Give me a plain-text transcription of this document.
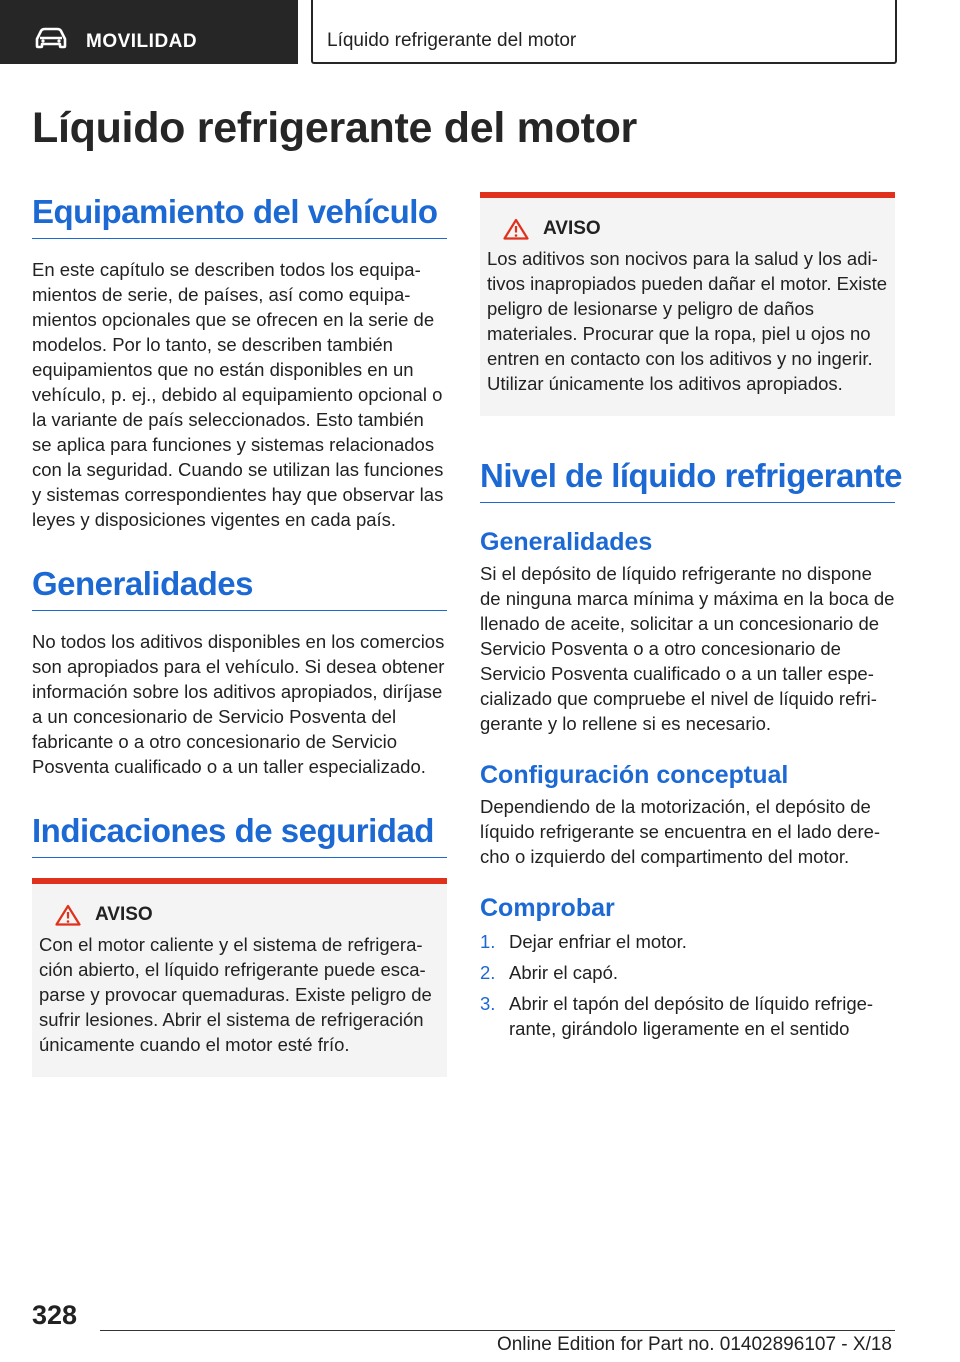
MOVILIDAD	Líquido refrigerante del motor
Líquido refrigerante del motor
Equipamiento del vehículo

En este capítulo se describen todos los equipamientos de serie, de países, así como equipamientos opcionales que se ofrecen en la serie de modelos. Por lo tanto, se describen también equipamientos que no están disponibles en un vehículo, p. ej., debido al equipamiento opcional o la variante de país seleccionados. Esto también se aplica para funciones y sistemas relacionados con la seguridad. Cuando se utilizan las funciones y sistemas correspondientes hay que observar las leyes y disposiciones vigentes en cada país.

Generalidades

No todos los aditivos disponibles en los comercios son apropiados para el vehículo. Si desea obtener información sobre los aditivos apropiados, diríjase a un concesionario de Servicio Posventa del fabricante o a otro concesionario de Servicio Posventa cualificado o a un taller especializado.

Indicaciones de seguridad
AVISO

Con el motor caliente y el sistema de refrigeración abierto, el líquido refrigerante puede escaparse y provocar quemaduras. Existe peligro de sufrir lesiones. Abrir el sistema de refrigeración únicamente cuando el motor esté frío.

AVISO

Los aditivos son nocivos para la salud y los aditivos inapropiados pueden dañar el motor. Existe peligro de lesionarse y peligro de daños materiales. Procurar que la ropa, piel u ojos no entren en contacto con los aditivos y no ingerir. Utilizar únicamente los aditivos apropiados.

Nivel de líquido refrigerante
Generalidades

Si el depósito de líquido refrigerante no dispone de ninguna marca mínima y máxima en la boca de llenado de aceite, solicitar a un concesionario de Servicio Posventa o a otro concesionario de Servicio Posventa cualificado o a un taller especializado que compruebe el nivel de líquido refrigerante y lo rellene si es necesario.

Configuración conceptual

Dependiendo de la motorización, el depósito de líquido refrigerante se encuentra en el lado derecho o izquierdo del compartimento del motor.

Comprobar
1. Dejar enfriar el motor.
2. Abrir el capó.
3. Abrir el tapón del depósito de líquido refrigerante, girándolo ligeramente en el sentido
328
Online Edition for Part no. 01402896107 - X/18
